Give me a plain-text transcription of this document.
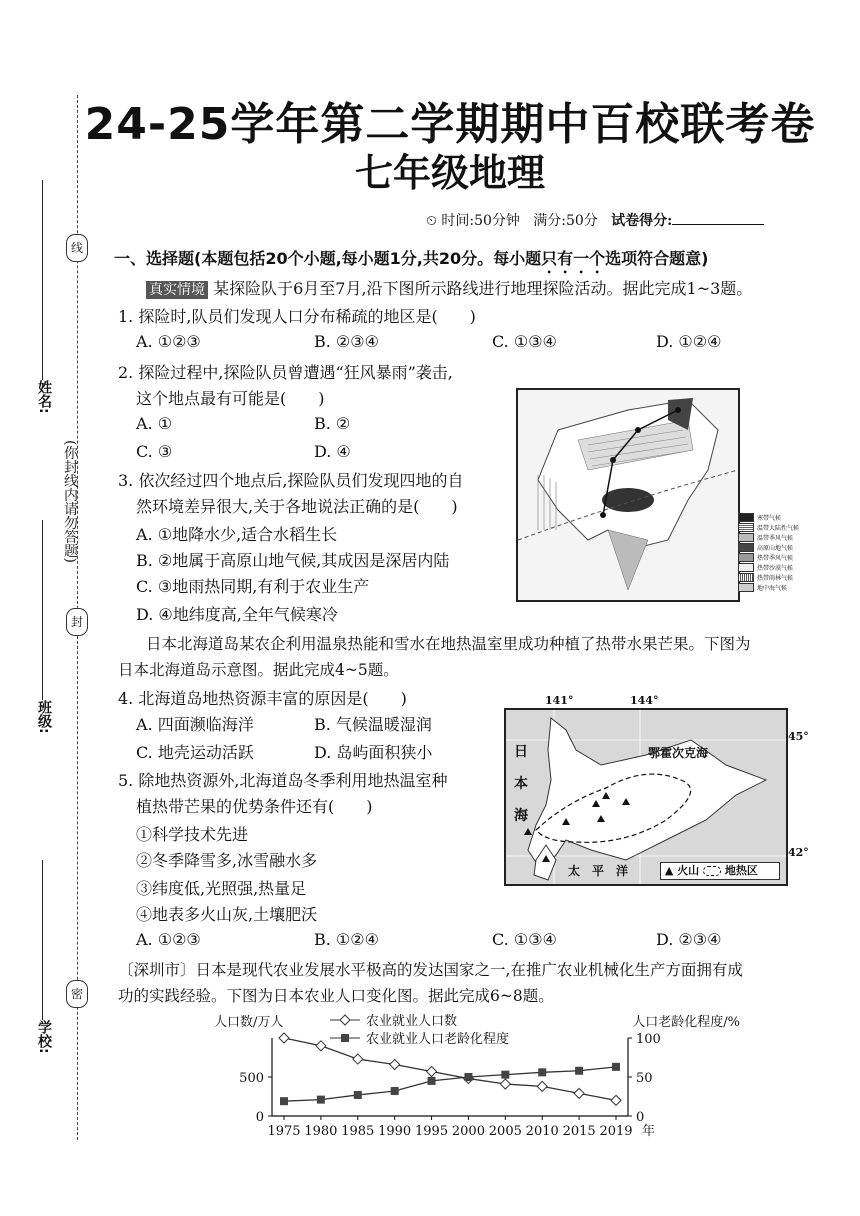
线
封
密
(你封线内请勿答题)
姓名:
班级:
学校:
24-25学年第二学期期中百校联考卷
七年级地理
⏲ 时间:50分钟 满分:50分 试卷得分:
一、选择题(本题包括20个小题,每小题1分,共20分。每小题只有一个选项符合题意)
真实情境 某探险队于6月至7月,沿下图所示路线进行地理探险活动。据此完成1~3题。
1. 探险时,队员们发现人口分布稀疏的地区是(　　)
A. ①②③	B. ②③④	C. ①③④	D. ①②④
2. 探险过程中,探险队员曾遭遇“狂风暴雨”袭击,
这个地点最有可能是(　　)
A. ①	B. ②
C. ③	D. ④
3. 依次经过四个地点后,探险队员们发现四地的自
然环境差异很大,关于各地说法正确的是(　　)
A. ①地降水少,适合水稻生长
B. ②地属于高原山地气候,其成因是深居内陆
C. ③地雨热同期,有利于农业生产
D. ④地纬度高,全年气候寒冷
寒带气候
温带大陆性气候
温带季风气候
高原山地气候
热带季风气候
热带沙漠气候
热带雨林气候
地中海气候
日本北海道岛某农企利用温泉热能和雪水在地热温室里成功种植了热带水果芒果。下图为
日本北海道岛示意图。据此完成4~5题。
4. 北海道岛地热资源丰富的原因是(　　)
A. 四面濒临海洋	B. 气候温暖湿润
C. 地壳运动活跃	D. 岛屿面积狭小
5. 除地热资源外,北海道岛冬季利用地热温室种
植热带芒果的优势条件还有(　　)
①科学技术先进
②冬季降雪多,冰雪融水多
③纬度低,光照强,热量足
④地表多火山灰,土壤肥沃
A. ①②③	B. ①②④	C. ①③④	D. ②③④
141°	144°
45°
42°
日本海
鄂霍次克海
太　平　洋	▲ 火山 地热区
〔深圳市〕日本是现代农业发展水平极高的发达国家之一,在推广农业机械化生产方面拥有成
功的实践经验。下图为日本农业人口变化图。据此完成6~8题。
0
500
0
50
100
1975 1980 1985 1990 1995 2000 2005 2010 2015 2019 年
人口数/万人	人口老龄化程度/%
农业就业人口数
农业就业人口老龄化程度
